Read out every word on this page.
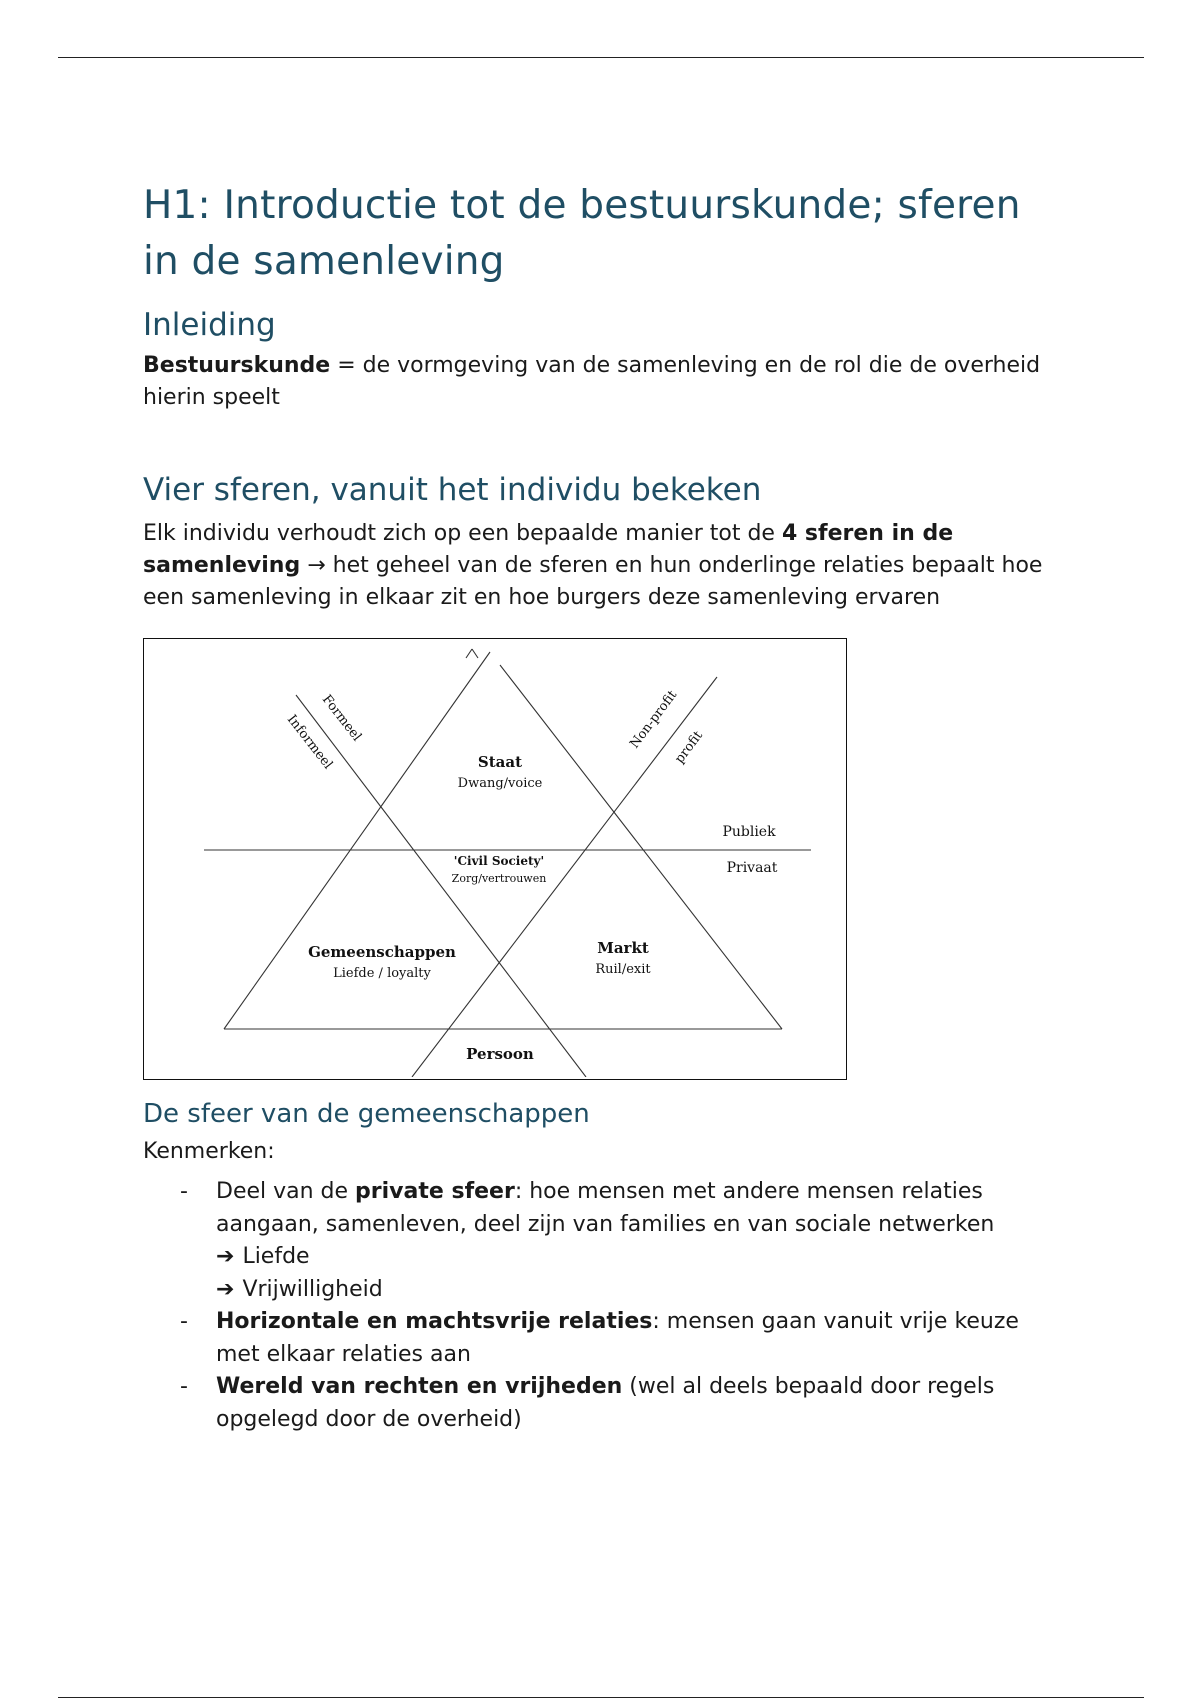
H1: Introductie tot de bestuurskunde; sferen in de samenleving
Inleiding

Bestuurskunde = de vormgeving van de samenleving en de rol die de overheid hierin speelt

Vier sferen, vanuit het individu bekeken

Elk individu verhoudt zich op een bepaalde manier tot de 4 sferen in de samenleving → het geheel van de sferen en hun onderlinge relaties bepaalt hoe een samenleving in elkaar zit en hoe burgers deze samenleving ervaren

Staat
Dwang/voice
'Civil Society'
Zorg/vertrouwen
Gemeenschappen
Liefde / loyalty
Markt
Ruil/exit
Persoon
Publiek
Privaat
Formeel
Informeel	Non-profit
profit
De sfeer van de gemeenschappen

Kenmerken:

- Deel van de private sfeer: hoe mensen met andere mensen relaties aangaan, samenleven, deel zijn van families en van sociale netwerken
➔ Liefde
➔ Vrijwilligheid
- Horizontale en machtsvrije relaties: mensen gaan vanuit vrije keuze met elkaar relaties aan
- Wereld van rechten en vrijheden (wel al deels bepaald door regels opgelegd door de overheid)
